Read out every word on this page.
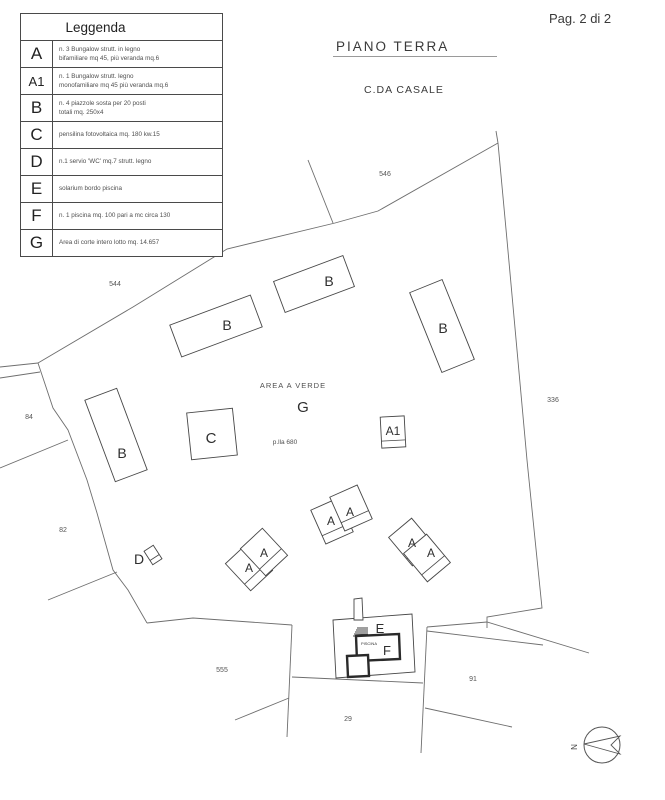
Pag. 2 di 2
PIANO TERRA
C.DA CASALE
Leggenda
A	n. 3 Bungalow strutt. in legno
bifamiliare mq 45, più veranda mq.6
A1	n. 1 Bungalow strutt. legno
monofamiliare mq 45 più veranda mq.6
B	n. 4 piazzole sosta per 20 posti
totali mq. 250x4
C	pensilina fotovoltaica mq. 180 kw.15
D	n.1 servio 'WC' mq.7 strutt. legno
E	solarium bordo piscina
F	n. 1 piscina mq. 100 pari a mc circa 130
G	Area di corte intero lotto mq. 14.657
B
B
B
B
C
D
A1
A
A
A
A
A
A
E
F
G
AREA A VERDE
p.lla 680
PISCINA
546
544
336
84
82
555
91
29
N
